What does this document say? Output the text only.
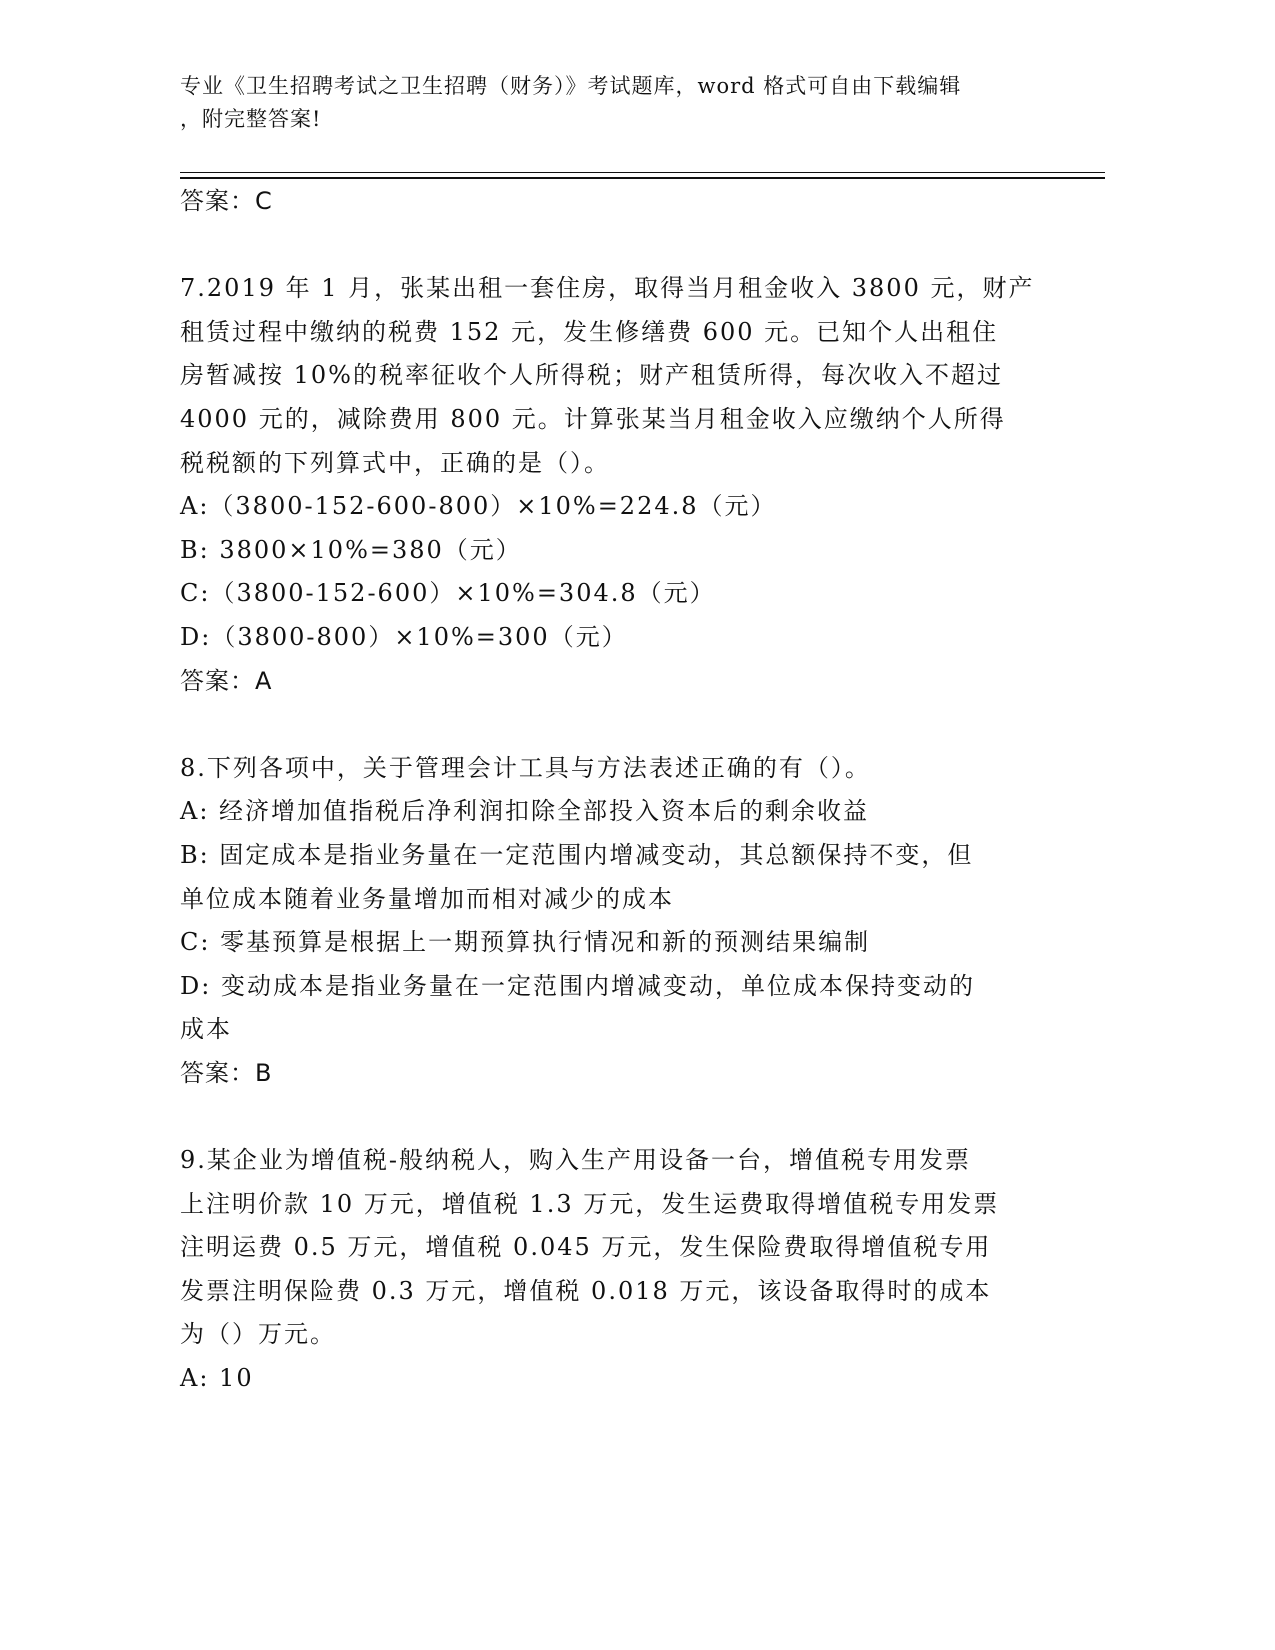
专业《卫生招聘考试之卫生招聘（财务）》考试题库，word 格式可自由下载编辑
，附完整答案!
答案：C
7.2019 年 1 月，张某出租一套住房，取得当月租金收入 3800 元，财产
租赁过程中缴纳的税费 152 元，发生修缮费 600 元。已知个人出租住
房暂减按 10%的税率征收个人所得税；财产租赁所得，每次收入不超过
4000 元的，减除费用 800 元。计算张某当月租金收入应缴纳个人所得
税税额的下列算式中，正确的是（）。
A:（3800-152-600-800）×10%=224.8（元）
B: 3800×10%=380（元）
C:（3800-152-600）×10%=304.8（元）
D:（3800-800）×10%=300（元）
答案：A
8.下列各项中，关于管理会计工具与方法表述正确的有（）。
A: 经济增加值指税后净利润扣除全部投入资本后的剩余收益
B: 固定成本是指业务量在一定范围内增减变动，其总额保持不变，但
单位成本随着业务量增加而相对减少的成本
C: 零基预算是根据上一期预算执行情况和新的预测结果编制
D: 变动成本是指业务量在一定范围内增减变动，单位成本保持变动的
成本
答案：B
9.某企业为增值税-般纳税人，购入生产用设备一台，增值税专用发票
上注明价款 10 万元，增值税 1.3 万元，发生运费取得增值税专用发票
注明运费 0.5 万元，增值税 0.045 万元，发生保险费取得增值税专用
发票注明保险费 0.3 万元，增值税 0.018 万元，该设备取得时的成本
为（）万元。
A: 10
